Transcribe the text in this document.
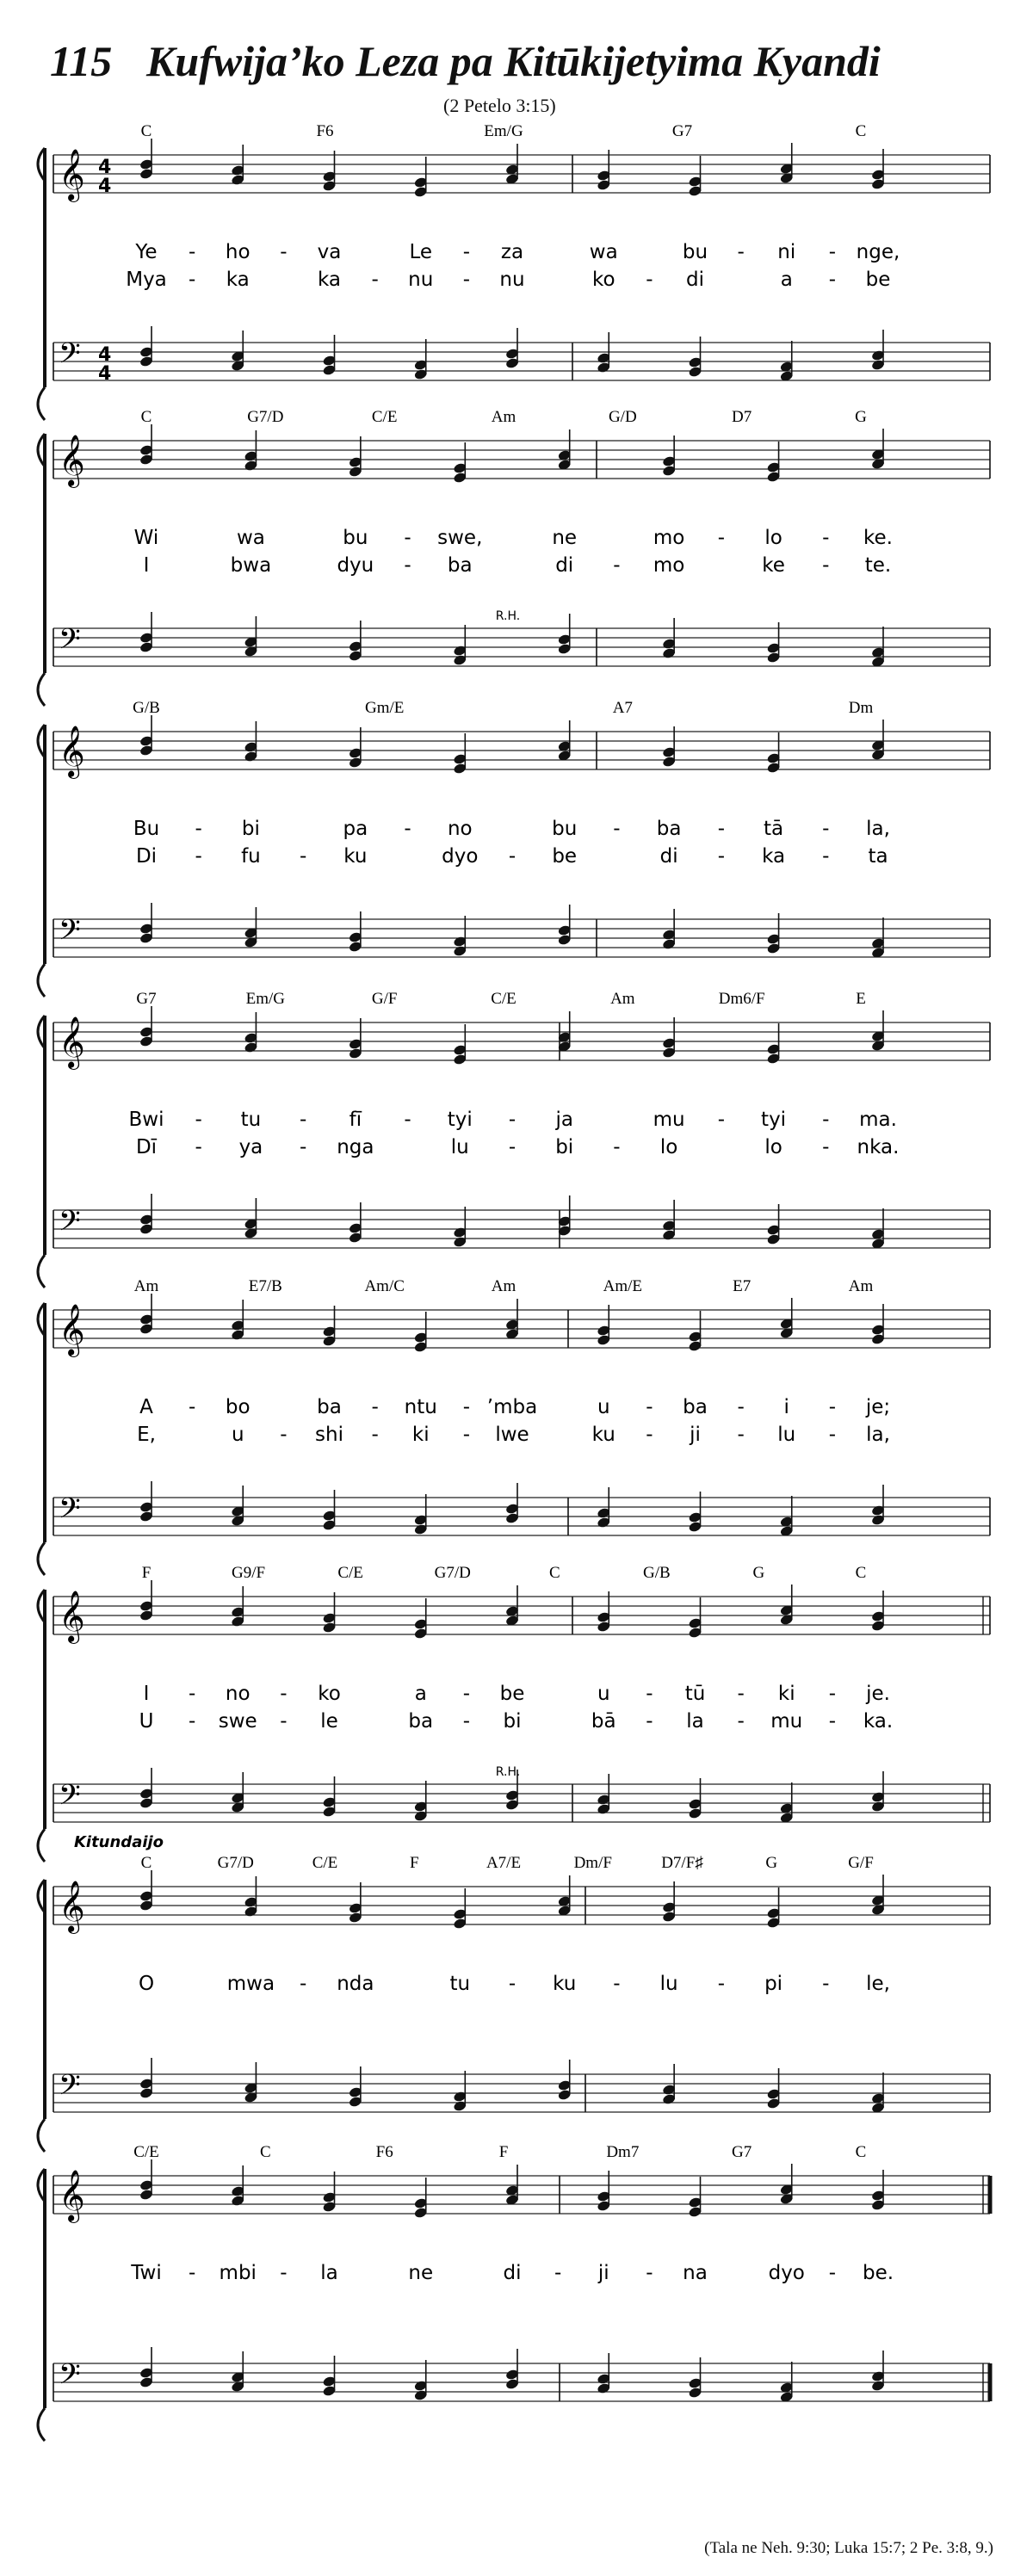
115 Kufwija’ko Leza pa Kitūkijetyima Kyandi
(2 Petelo 3:15)
𝄞 4
4
𝄢 4
4
C	F6	Em/G	G7	C
Ye - ho - va	Le - za	wa	bu - ni - nge,
Mya - ka	ka - nu - nu	ko - di	a - be
𝄞
𝄢
C	G7/D	C/E	Am	G/D	D7	G
R.H.
Wi	wa	bu - swe,	ne	mo - lo - ke.
I	bwa	dyu - ba	di - mo	ke - te.
𝄞
𝄢
G/B	Gm/E	A7	Dm
Bu - bi	pa - no	bu - ba - tā - la,
Di - fu - ku	dyo - be	di - ka - ta
𝄞
𝄢
G7	Em/G	G/F	C/E	Am	Dm6/F	E
Bwi - tu - fī - tyi - ja	mu - tyi - ma.
Dī - ya - nga	lu - bi - lo	lo - nka.
𝄞
𝄢
Am	E7/B	Am/C	Am	Am/E	E7	Am
A - bo	ba - ntu - ’mba	u - ba - i - je;
E,	u - shi - ki - lwe	ku - ji - lu - la,
𝄞
𝄢
F	G9/F	C/E	G7/D	C	G/B	G	C
R.H.
I - no - ko	a - be	u - tū - ki - je.
U - swe - le	ba - bi	bā - la - mu - ka.
𝄞
𝄢
C	G7/D	C/E	F	A7/E	Dm/F	D7/F♯	G	G/F
Kitundaijo
O	mwa - nda	tu - ku - lu - pi - le,
𝄞
𝄢
C/E	C	F6	F	Dm7	G7	C
Twi - mbi - la	ne	di - ji - na	dyo - be.
(Tala ne Neh. 9:30; Luka 15:7; 2 Pe. 3:8, 9.)
